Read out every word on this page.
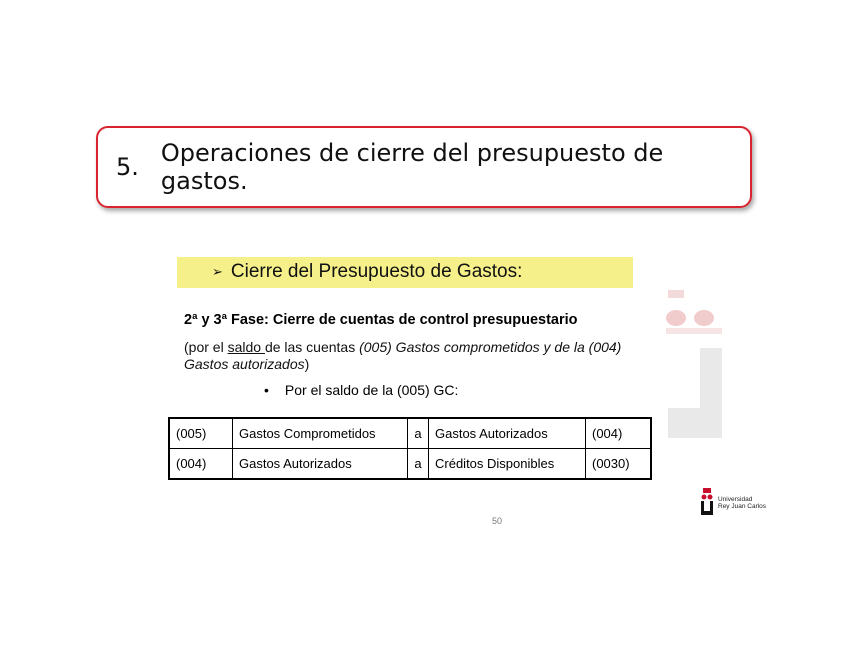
5. Operaciones de cierre del presupuesto de gastos.
➢ Cierre del Presupuesto de Gastos:
2ª y 3ª Fase: Cierre de cuentas de control presupuestario
(por el saldo de las cuentas (005) Gastos comprometidos y de la (004) Gastos autorizados)
• Por el saldo de la (005) GC:
(005)	Gastos Comprometidos	a	Gastos Autorizados	(004)
(004)	Gastos Autorizados	a	Créditos Disponibles	(0030)
Universidad
Rey Juan Carlos
50
